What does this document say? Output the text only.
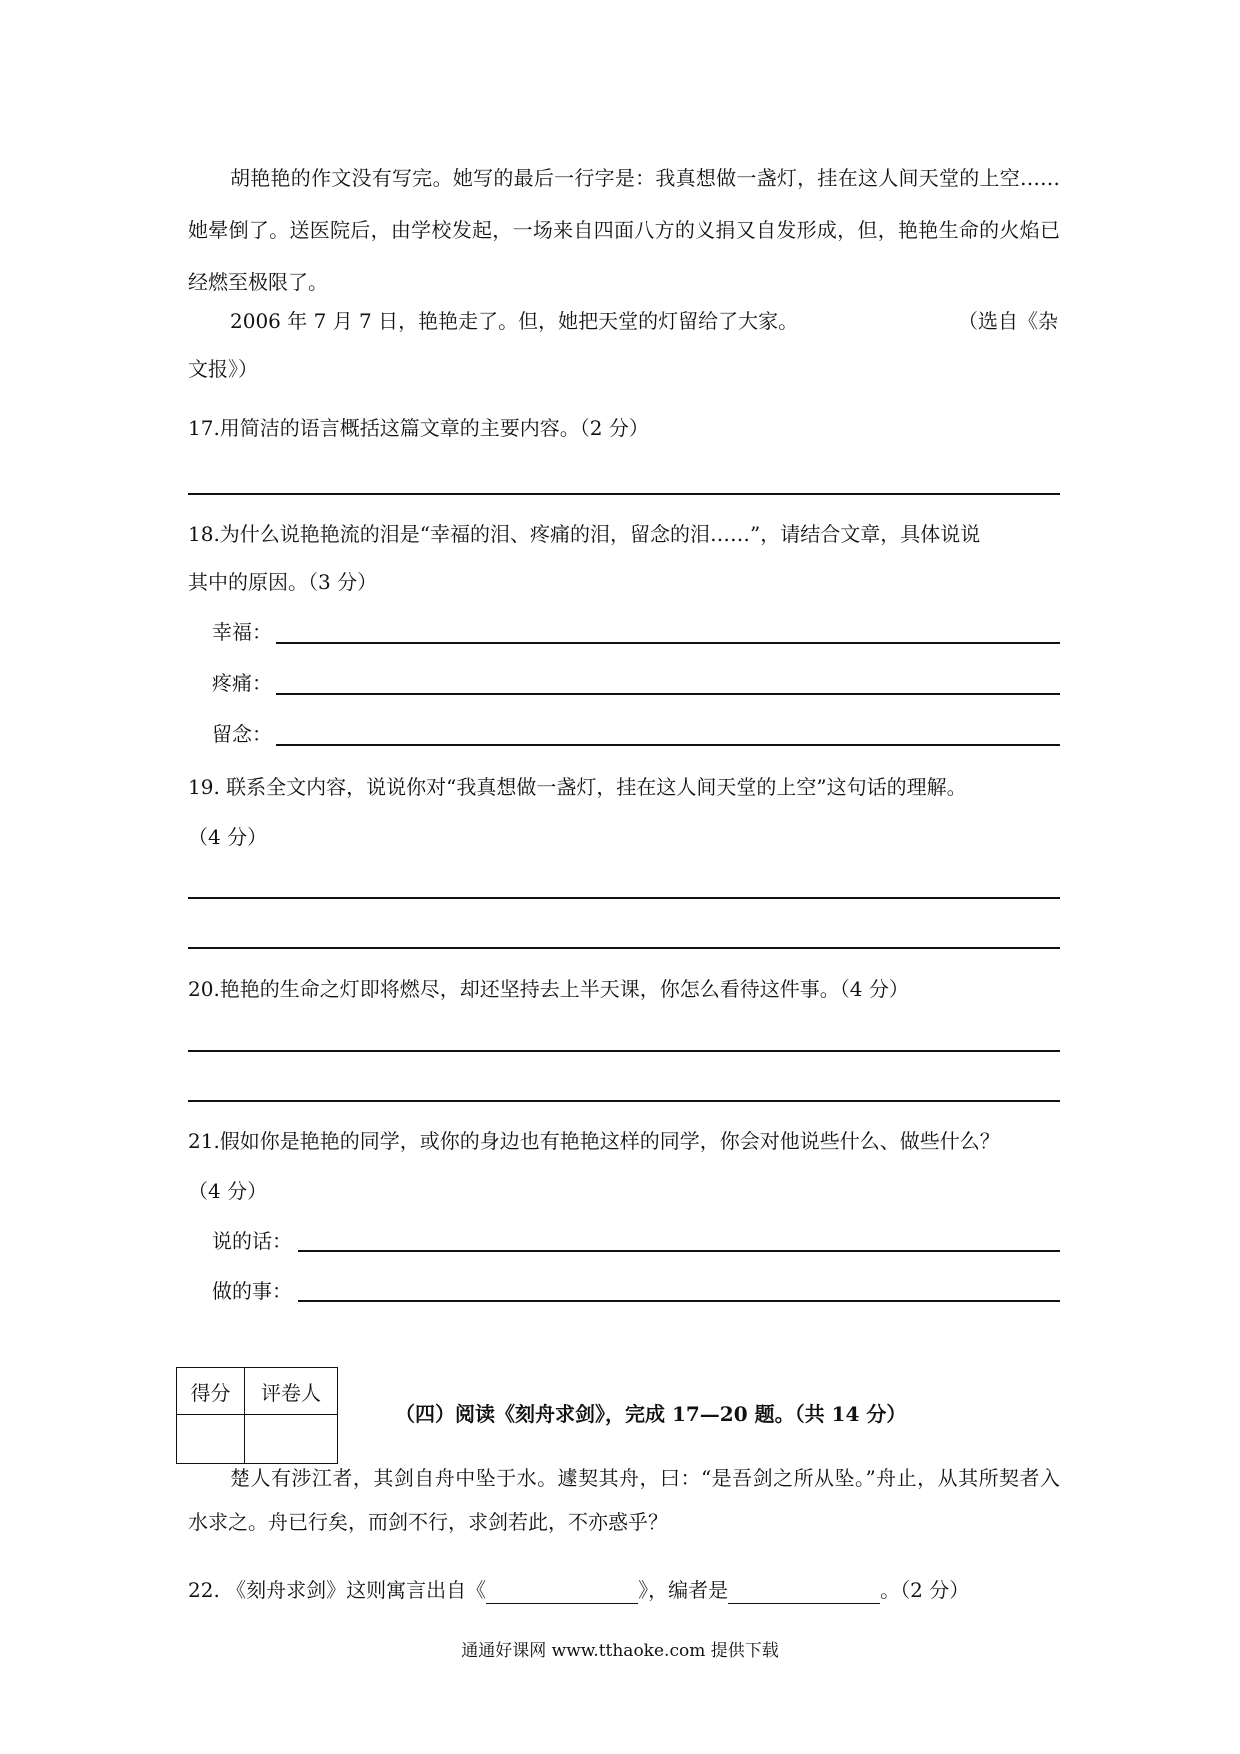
胡艳艳的作文没有写完。她写的最后一行字是：我真想做一盏灯，挂在这人间天堂的上空……她晕倒了。送医院后，由学校发起，一场来自四面八方的义捐又自发形成，但，艳艳生命的火焰已经燃至极限了。
2006 年 7 月 7 日，艳艳走了。但，她把天堂的灯留给了大家。	（选自《杂
文报》）
17.用简洁的语言概括这篇文章的主要内容。（2 分）
18.为什么说艳艳流的泪是“幸福的泪、疼痛的泪，留念的泪……”，请结合文章，具体说说
其中的原因。（3 分）
幸福：
疼痛：
留念：
19. 联系全文内容，说说你对“我真想做一盏灯，挂在这人间天堂的上空”这句话的理解。
（4 分）
20.艳艳的生命之灯即将燃尽，却还坚持去上半天课，你怎么看待这件事。（4 分）
21.假如你是艳艳的同学，或你的身边也有艳艳这样的同学，你会对他说些什么、做些什么？
（4 分）
说的话：
做的事：
得分	评卷人

（四）阅读《刻舟求剑》，完成 17—20 题。（共 14 分）
楚人有涉江者，其剑自舟中坠于水。遽契其舟，曰：“是吾剑之所从坠。”舟止，从其所契者入水求之。舟已行矣，而剑不行，求剑若此，不亦惑乎？
22. 《刻舟求剑》这则寓言出自《	》，编者是	。（2 分）
通通好课网 www.tthaoke.com 提供下载
